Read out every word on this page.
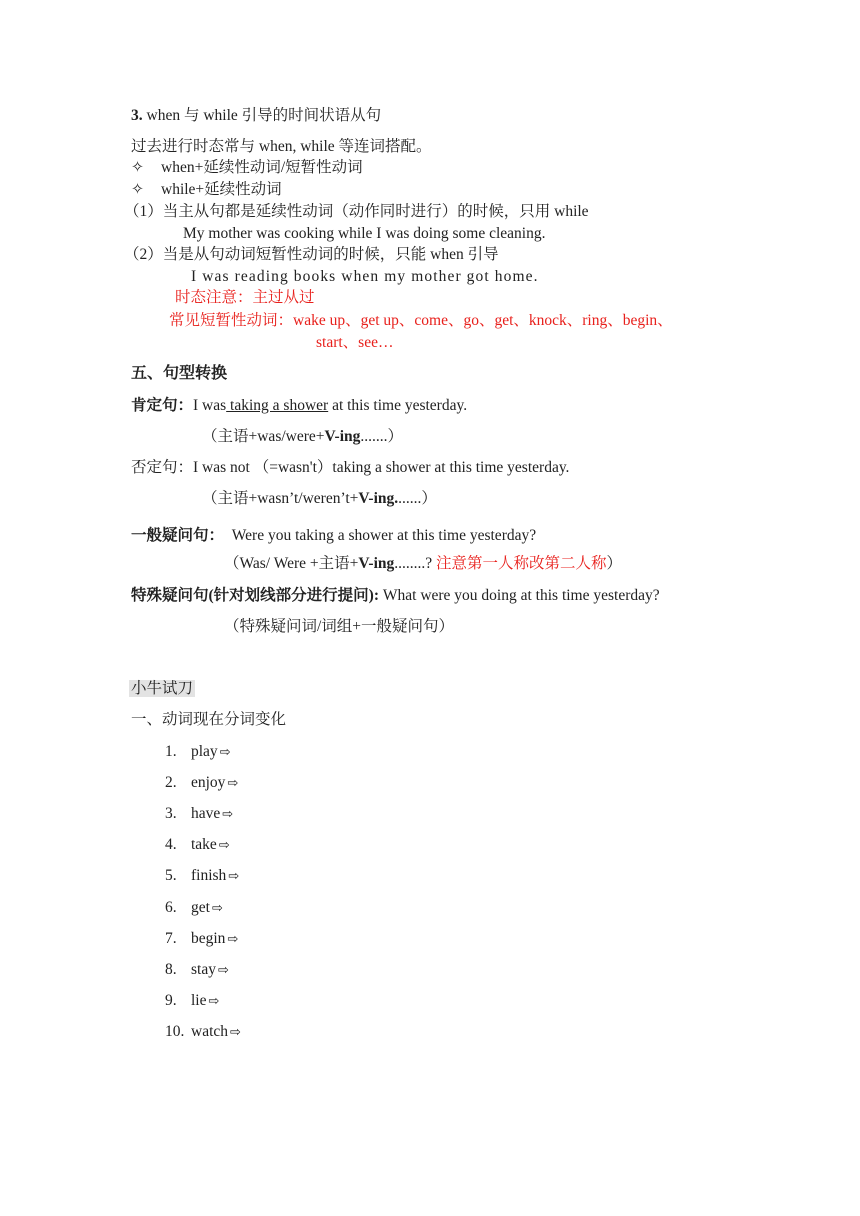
3. when 与 while 引导的时间状语从句
过去进行时态常与 when, while 等连词搭配。
✧ when+延续性动词/短暂性动词
✧ while+延续性动词
（1）当主从句都是延续性动词（动作同时进行）的时候，只用 while
My mother was cooking while I was doing some cleaning.
（2）当是从句动词短暂性动词的时候，只能 when 引导
I was reading books when my mother got home.
时态注意：主过从过
常见短暂性动词：wake up、get up、come、go、get、knock、ring、begin、
start、see…
五、句型转换
肯定句：I was taking a shower at this time yesterday.
（主语+was/were+V-ing.......）
否定句：I was not （=wasn't）taking a shower at this time yesterday.
（主语+wasn’t/weren’t+V-ing.......）
一般疑问句：  Were you taking a shower at this time yesterday?
（Was/ Were +主语+V-ing........? 注意第一人称改第二人称）
特殊疑问句(针对划线部分进行提问): What were you doing at this time yesterday?
（特殊疑问词/词组+一般疑问句）
小牛试刀
一、动词现在分词变化
1. play ⇨
2. enjoy ⇨
3. have ⇨
4. take ⇨
5. finish ⇨
6. get ⇨
7. begin ⇨
8. stay ⇨
9. lie ⇨
10. watch ⇨
